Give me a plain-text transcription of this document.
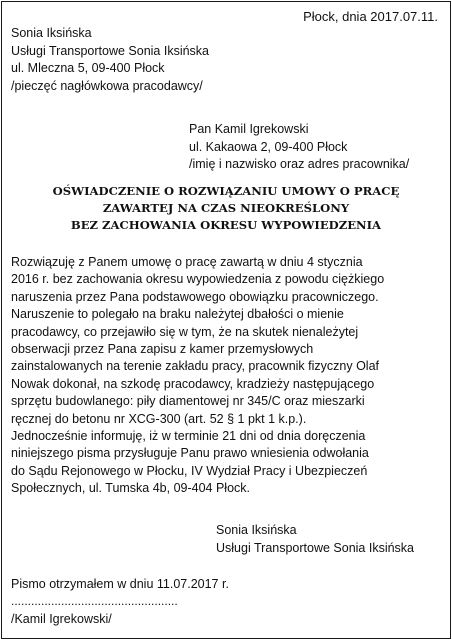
Płock, dnia 2017.07.11.
Sonia Iksińska
Usługi Transportowe Sonia Iksińska
ul. Mleczna 5, 09-400 Płock
/pieczęć nagłówkowa pracodawcy/
Pan Kamil Igrekowski
ul. Kakaowa 2, 09-400 Płock
/imię i nazwisko oraz adres pracownika/
OŚWIADCZENIE O ROZWIĄZANIU UMOWY O PRACĘ
ZAWARTEJ NA CZAS NIEOKREŚLONY
BEZ ZACHOWANIA OKRESU WYPOWIEDZENIA
Rozwiązuję z Panem umowę o pracę zawartą w dniu 4 stycznia
2016 r. bez zachowania okresu wypowiedzenia z powodu ciężkiego
naruszenia przez Pana podstawowego obowiązku pracowniczego.
Naruszenie to polegało na braku należytej dbałości o mienie
pracodawcy, co przejawiło się w tym, że na skutek nienależytej
obserwacji przez Pana zapisu z kamer przemysłowych
zainstalowanych na terenie zakładu pracy, pracownik fizyczny Olaf
Nowak dokonał, na szkodę pracodawcy, kradzieży następującego
sprzętu budowlanego: piły diamentowej nr 345/C oraz mieszarki
ręcznej do betonu nr XCG-300 (art. 52 § 1 pkt 1 k.p.).
Jednocześnie informuję, iż w terminie 21 dni od dnia doręczenia
niniejszego pisma przysługuje Panu prawo wniesienia odwołania
do Sądu Rejonowego w Płocku, IV Wydział Pracy i Ubezpieczeń
Społecznych, ul. Tumska 4b, 09-404 Płock.
Sonia Iksińska
Usługi Transportowe Sonia Iksińska
Pismo otrzymałem w dniu 11.07.2017 r.
..................................................
/Kamil Igrekowski/
